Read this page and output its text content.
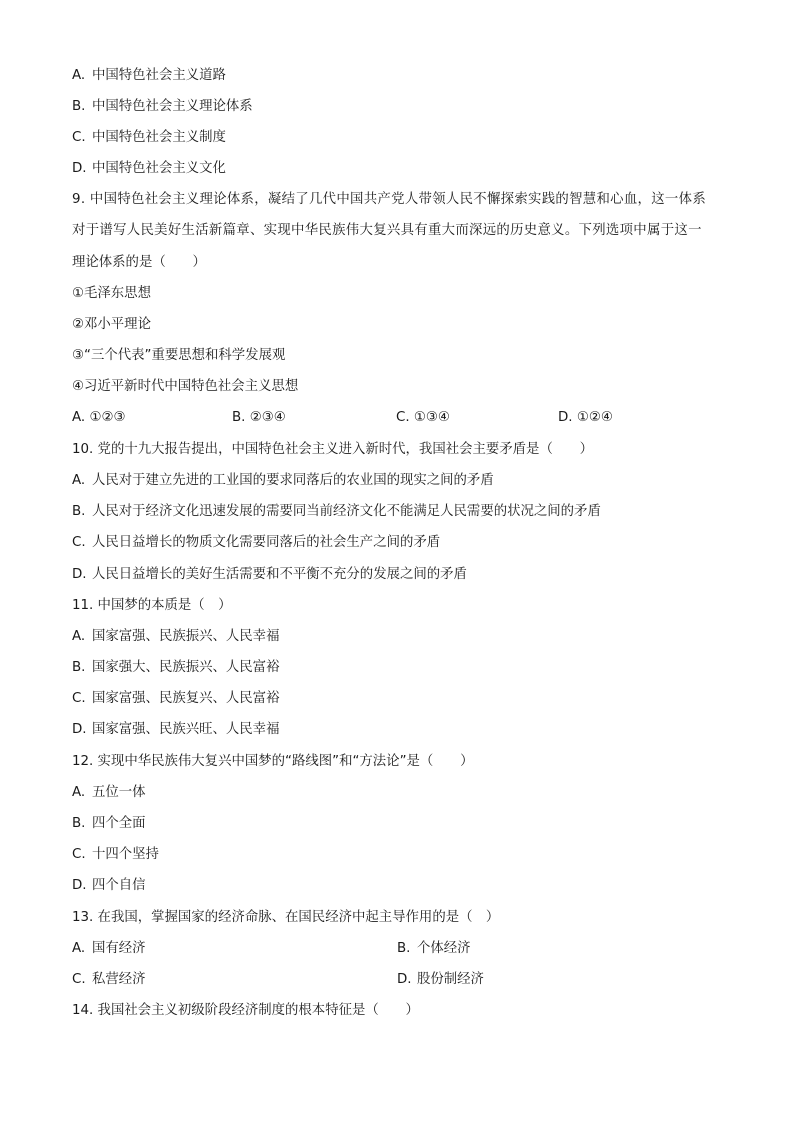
A. 中国特色社会主义道路
B. 中国特色社会主义理论体系
C. 中国特色社会主义制度
D. 中国特色社会主义文化
9. 中国特色社会主义理论体系，凝结了几代中国共产党人带领人民不懈探索实践的智慧和心血，这一体系
对于谱写人民美好生活新篇章、实现中华民族伟大复兴具有重大而深远的历史意义。下列选项中属于这一
理论体系的是（　　）
①毛泽东思想
②邓小平理论
③“三个代表”重要思想和科学发展观
④习近平新时代中国特色社会主义思想
A. ①②③	B. ②③④	C. ①③④	D. ①②④
10. 党的十九大报告提出，中国特色社会主义进入新时代，我国社会主要矛盾是（　　）
A. 人民对于建立先进的工业国的要求同落后的农业国的现实之间的矛盾
B. 人民对于经济文化迅速发展的需要同当前经济文化不能满足人民需要的状况之间的矛盾
C. 人民日益增长的物质文化需要同落后的社会生产之间的矛盾
D. 人民日益增长的美好生活需要和不平衡不充分的发展之间的矛盾
11. 中国梦的本质是（　）
A. 国家富强、民族振兴、人民幸福
B. 国家强大、民族振兴、人民富裕
C. 国家富强、民族复兴、人民富裕
D. 国家富强、民族兴旺、人民幸福
12. 实现中华民族伟大复兴中国梦的“路线图”和“方法论”是（　　）
A. 五位一体
B. 四个全面
C. 十四个坚持
D. 四个自信
13. 在我国，掌握国家的经济命脉、在国民经济中起主导作用的是（　）
A. 国有经济	B. 个体经济
C. 私营经济	D. 股份制经济
14. 我国社会主义初级阶段经济制度的根本特征是（　　）
